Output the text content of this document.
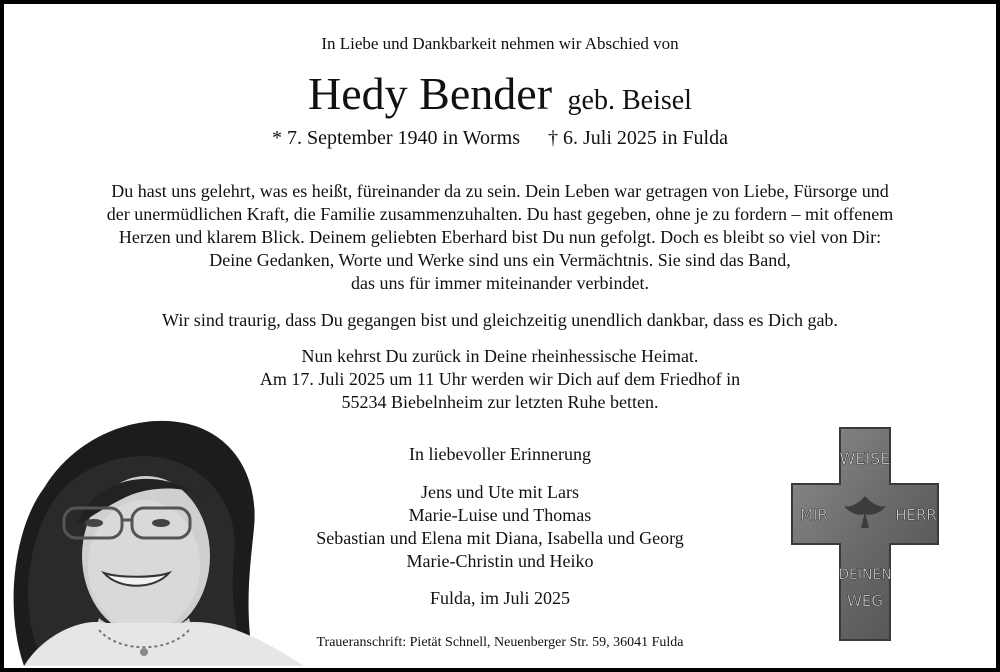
In Liebe und Dankbarkeit nehmen wir Abschied von
Hedy Bender geb. Beisel
* 7. September 1940 in Worms † 6. Juli 2025 in Fulda
Du hast uns gelehrt, was es heißt, füreinander da zu sein. Dein Leben war getragen von Liebe, Fürsorge und
der unermüdlichen Kraft, die Familie zusammenzuhalten. Du hast gegeben, ohne je zu fordern – mit offenem
Herzen und klarem Blick. Deinem geliebten Eberhard bist Du nun gefolgt. Doch es bleibt so viel von Dir:
Deine Gedanken, Worte und Werke sind uns ein Vermächtnis. Sie sind das Band,
das uns für immer miteinander verbindet.
Wir sind traurig, dass Du gegangen bist und gleichzeitig unendlich dankbar, dass es Dich gab.
Nun kehrst Du zurück in Deine rheinhessische Heimat.
Am 17. Juli 2025 um 11 Uhr werden wir Dich auf dem Friedhof in
55234 Biebelnheim zur letzten Ruhe betten.
In liebevoller Erinnerung
Jens und Ute mit Lars
Marie-Luise und Thomas
Sebastian und Elena mit Diana, Isabella und Georg
Marie-Christin und Heiko
Fulda, im Juli 2025
Traueranschrift: Pietät Schnell, Neuenberger Str. 59, 36041 Fulda
WEISE
MIR	HERR
DEINEN
WEG
